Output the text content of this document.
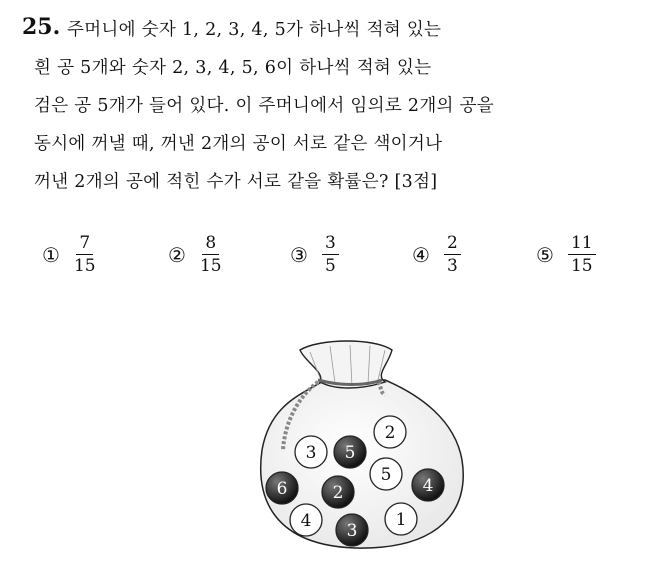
25. 주머니에 숫자 1, 2, 3, 4, 5가 하나씩 적혀 있는
흰 공 5개와 숫자 2, 3, 4, 5, 6이 하나씩 적혀 있는
검은 공 5개가 들어 있다. 이 주머니에서 임의로 2개의 공을
동시에 꺼낼 때, 꺼낸 2개의 공이 서로 같은 색이거나
꺼낸 2개의 공에 적힌 수가 서로 같을 확률은? [3점]
① $\frac{7}{15}$	② $\frac{8}{15}$	③ $\frac{3}{5}$	④ $\frac{2}{3}$	⑤ $\frac{11}{15}$
3 5
2
5
4
6	2
4 3
1
